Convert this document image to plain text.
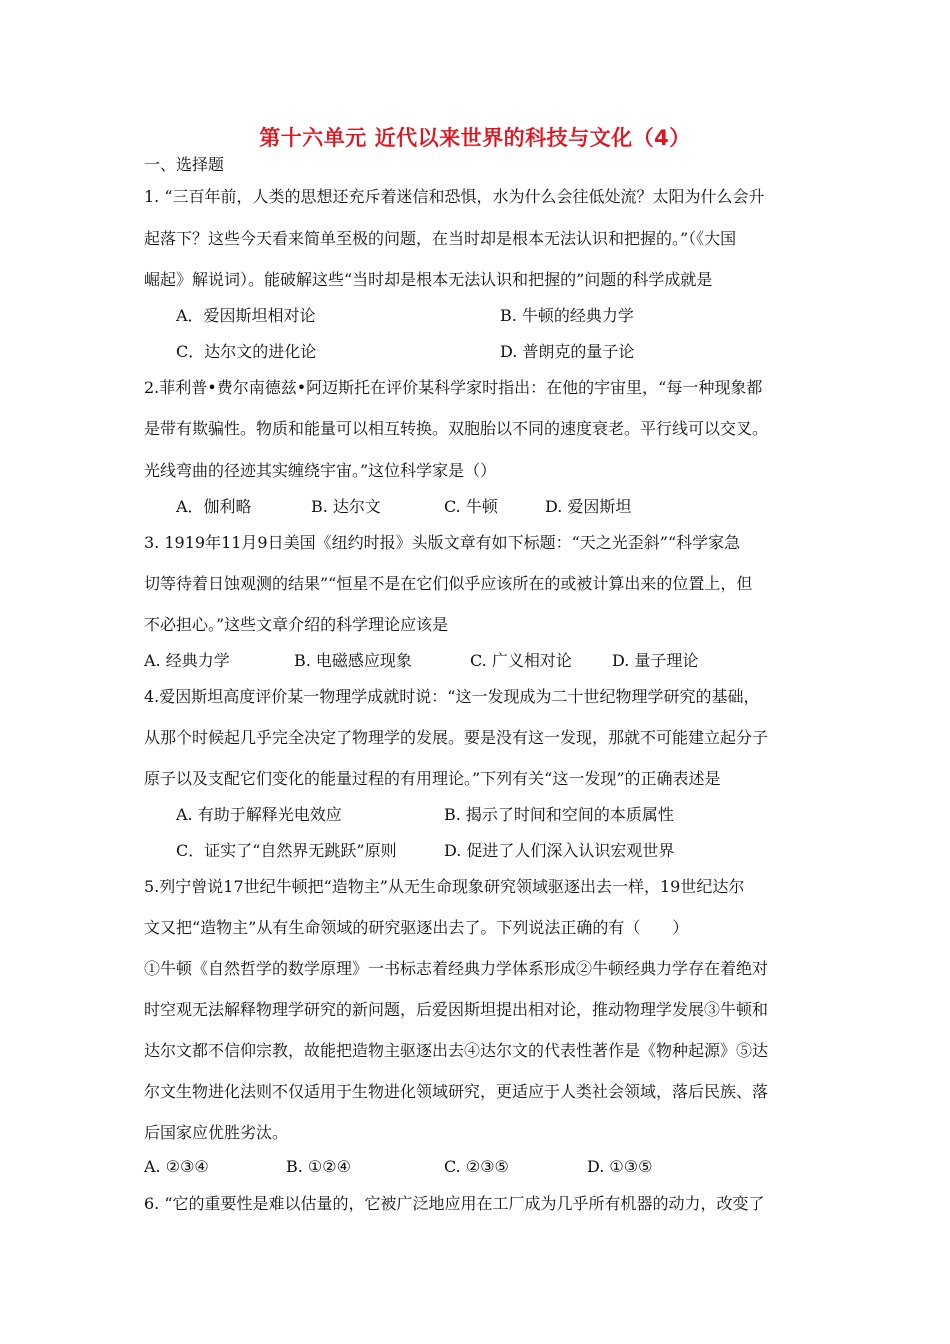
第十六单元 近代以来世界的科技与文化（4）
一、选择题
1. “三百年前，人类的思想还充斥着迷信和恐惧，水为什么会往低处流？太阳为什么会升
起落下？这些今天看来简单至极的问题，在当时却是根本无法认识和把握的。”（《大国
崛起》解说词）。能破解这些“当时却是根本无法认识和把握的”问题的科学成就是
A．爱因斯坦相对论	B. 牛顿的经典力学
C．达尔文的进化论	D. 普朗克的量子论
2.菲利普•费尔南德兹•阿迈斯托在评价某科学家时指出：在他的宇宙里，“每一种现象都
是带有欺骗性。物质和能量可以相互转换。双胞胎以不同的速度衰老。平行线可以交叉。
光线弯曲的径迹其实缠绕宇宙。”这位科学家是（）
A．伽利略	B. 达尔文	C. 牛顿	D. 爱因斯坦
3. 1919年11月9日美国《纽约时报》头版文章有如下标题：“天之光歪斜”“科学家急
切等待着日蚀观测的结果”“恒星不是在它们似乎应该所在的或被计算出来的位置上，但
不必担心。”这些文章介绍的科学理论应该是
A. 经典力学	B. 电磁感应现象	C. 广义相对论	D. 量子理论
4.爱因斯坦高度评价某一物理学成就时说：“这一发现成为二十世纪物理学研究的基础，
从那个时候起几乎完全决定了物理学的发展。要是没有这一发现，那就不可能建立起分子
原子以及支配它们变化的能量过程的有用理论。”下列有关“这一发现”的正确表述是
A. 有助于解释光电效应	B. 揭示了时间和空间的本质属性
C．证实了“自然界无跳跃”原则	D. 促进了人们深入认识宏观世界
5.列宁曾说17世纪牛顿把“造物主”从无生命现象研究领域驱逐出去一样，19世纪达尔
文又把“造物主”从有生命领域的研究驱逐出去了。下列说法正确的有（　　）
①牛顿《自然哲学的数学原理》一书标志着经典力学体系形成②牛顿经典力学存在着绝对
时空观无法解释物理学研究的新问题，后爱因斯坦提出相对论，推动物理学发展③牛顿和
达尔文都不信仰宗教，故能把造物主驱逐出去④达尔文的代表性著作是《物种起源》⑤达
尔文生物进化法则不仅适用于生物进化领域研究，更适应于人类社会领域，落后民族、落
后国家应优胜劣汰。
A. ②③④	B. ①②④	C. ②③⑤	D. ①③⑤
6. “它的重要性是难以估量的，它被广泛地应用在工厂成为几乎所有机器的动力，改变了
